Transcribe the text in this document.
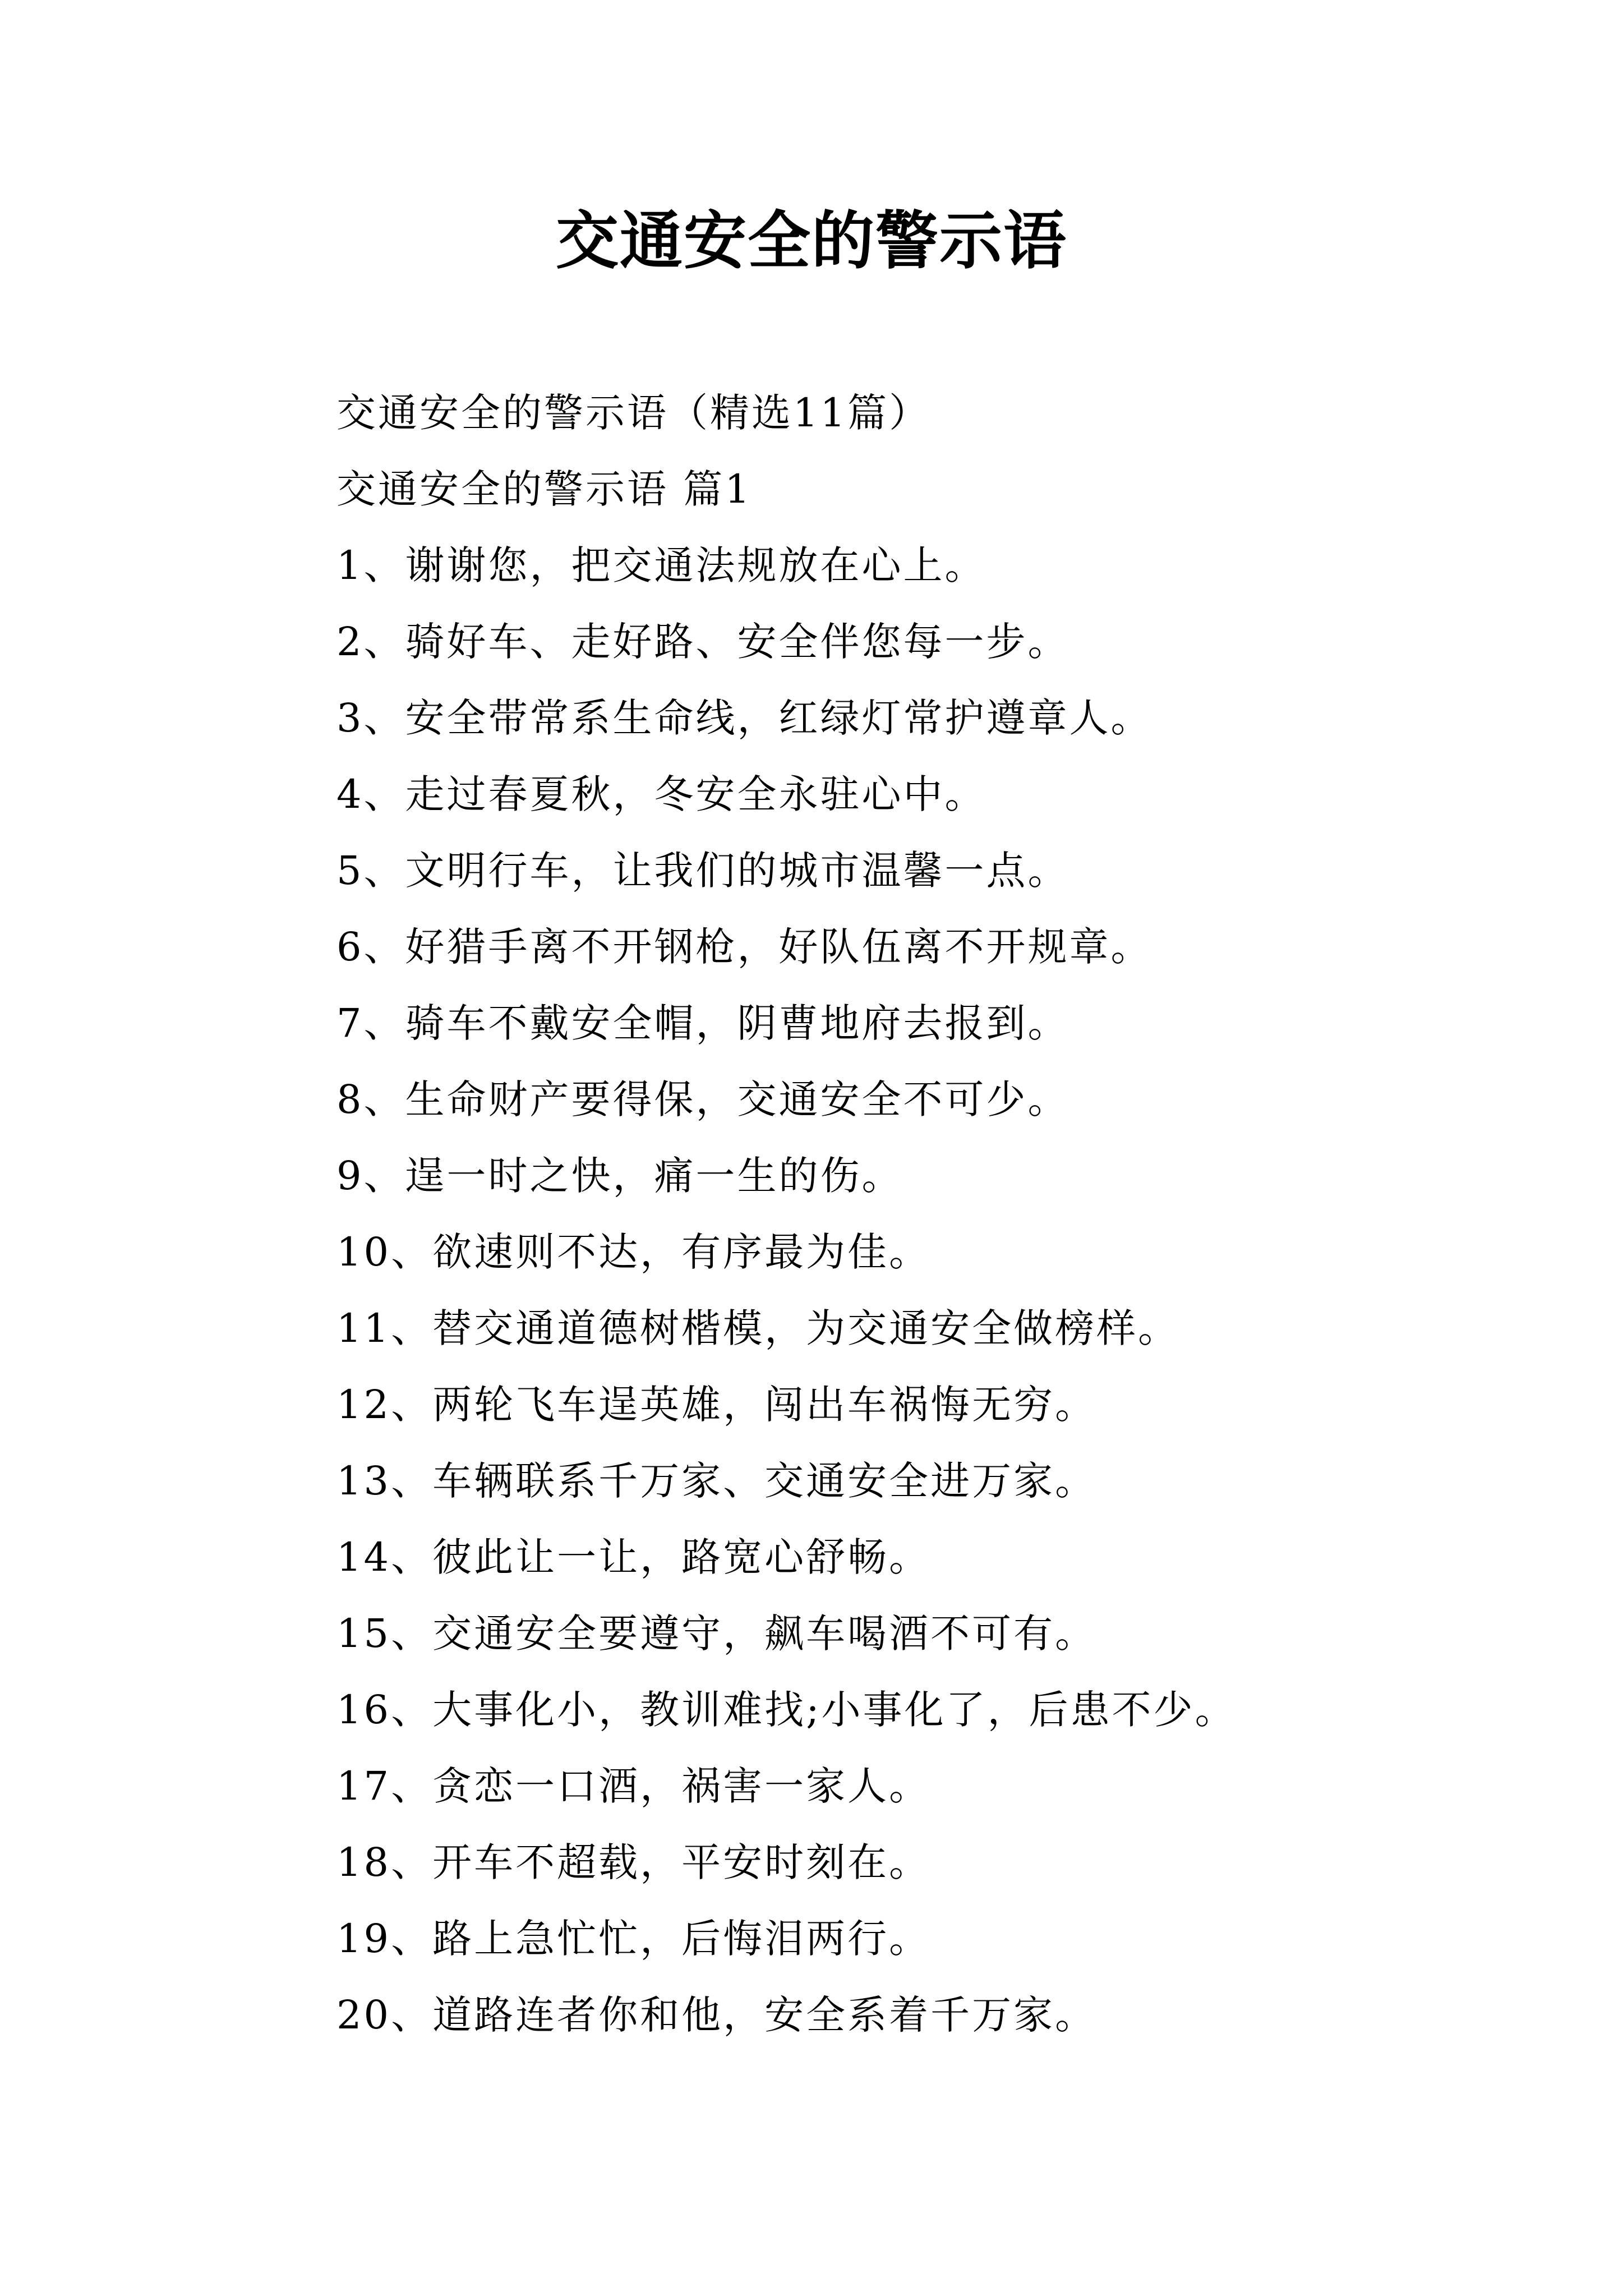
交通安全的警示语

交通安全的警示语（精选11篇）

交通安全的警示语 篇1

1、谢谢您，把交通法规放在心上。

2、骑好车、走好路、安全伴您每一步。

3、安全带常系生命线，红绿灯常护遵章人。

4、走过春夏秋，冬安全永驻心中。

5、文明行车，让我们的城市温馨一点。

6、好猎手离不开钢枪，好队伍离不开规章。

7、骑车不戴安全帽，阴曹地府去报到。

8、生命财产要得保，交通安全不可少。

9、逞一时之快，痛一生的伤。

10、欲速则不达，有序最为佳。

11、替交通道德树楷模，为交通安全做榜样。

12、两轮飞车逞英雄，闯出车祸悔无穷。

13、车辆联系千万家、交通安全进万家。

14、彼此让一让，路宽心舒畅。

15、交通安全要遵守，飙车喝酒不可有。

16、大事化小，教训难找;小事化了，后患不少。

17、贪恋一口酒，祸害一家人。

18、开车不超载，平安时刻在。

19、路上急忙忙，后悔泪两行。

20、道路连者你和他，安全系着千万家。
